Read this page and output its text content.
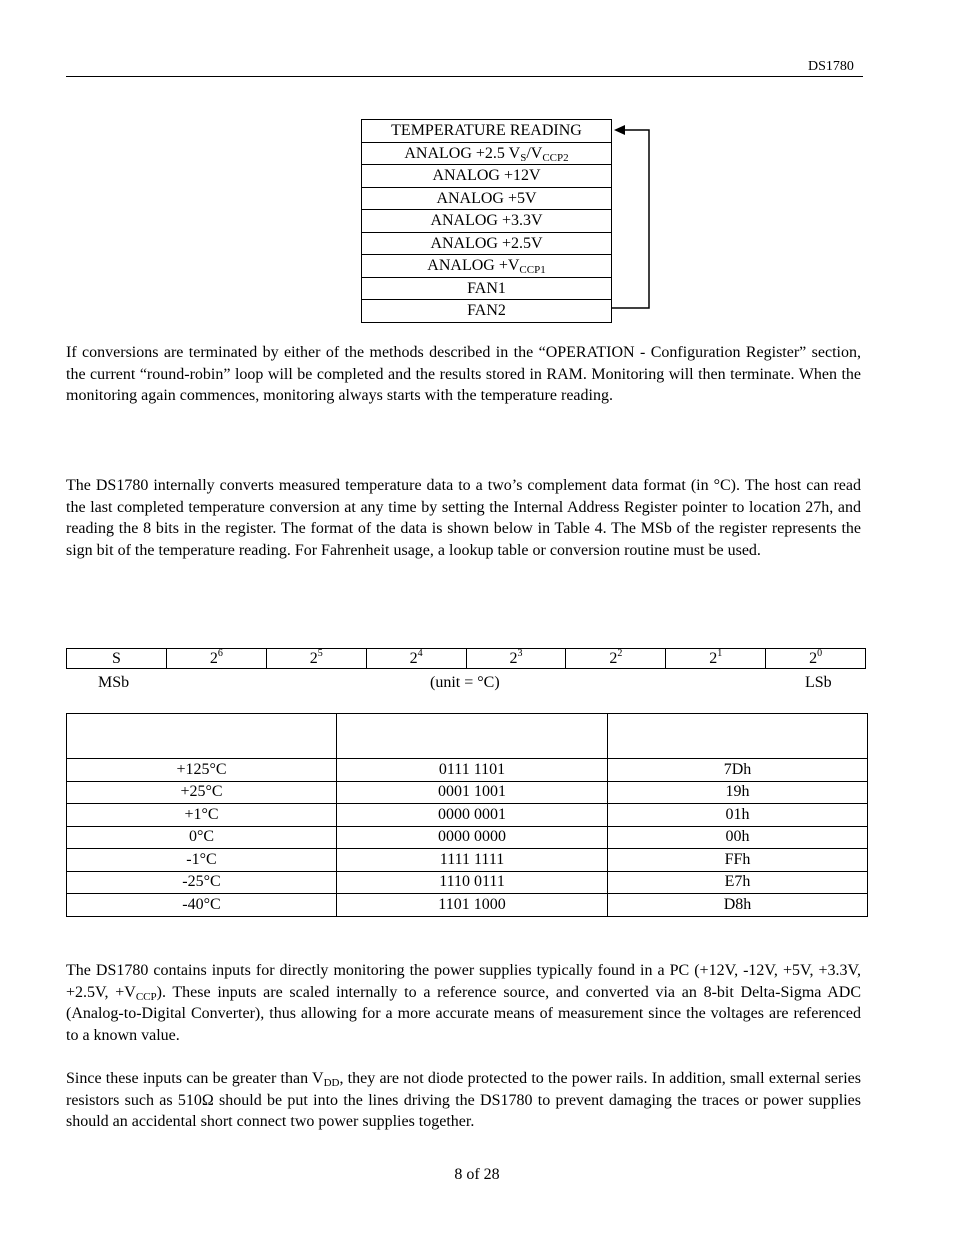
DS1780
TEMPERATURE READING
ANALOG +2.5 $V_S/V_{CCP2}$
ANALOG +12V
ANALOG +5V
ANALOG +3.3V
ANALOG +2.5V
ANALOG $+V_{CCP1}$
FAN1
FAN2

If conversions are terminated by either of the methods described in the “OPERATION - Configuration Register” section, the current “round-robin” loop will be completed and the results stored in RAM. Monitoring will then terminate. When the monitoring again commences, monitoring always starts with the temperature reading.

The DS1780 internally converts measured temperature data to a two’s complement data format (in °C). The host can read the last completed temperature conversion at any time by setting the Internal Address Register pointer to location 27h, and reading the 8 bits in the register. The format of the data is shown below in Table 4. The MSb of the register represents the sign bit of the temperature reading. For Fahrenheit usage, a lookup table or conversion routine must be used.

S	$2^6$	$2^5$	$2^4$	$2^3$	$2^2$	$2^1$	$2^0$
MSb	(unit = °C)	LSb

+125°C	0111 1101	7Dh
+25°C	0001 1001	19h
+1°C	0000 0001	01h
0°C	0000 0000	00h
-1°C	1111 1111	FFh
-25°C	1110 0111	E7h
-40°C	1101 1000	D8h

The DS1780 contains inputs for directly monitoring the power supplies typically found in a PC (+12V, -12V, +5V, +3.3V, +2.5V, $+V_{CCP}$). These inputs are scaled internally to a reference source, and converted via an 8-bit Delta-Sigma ADC (Analog-to-Digital Converter), thus allowing for a more accurate means of measurement since the voltages are referenced to a known value.

Since these inputs can be greater than $V_{DD}$, they are not diode protected to the power rails. In addition, small external series resistors such as 510Ω should be put into the lines driving the DS1780 to prevent damaging the traces or power supplies should an accidental short connect two power supplies together.

8 of 28
